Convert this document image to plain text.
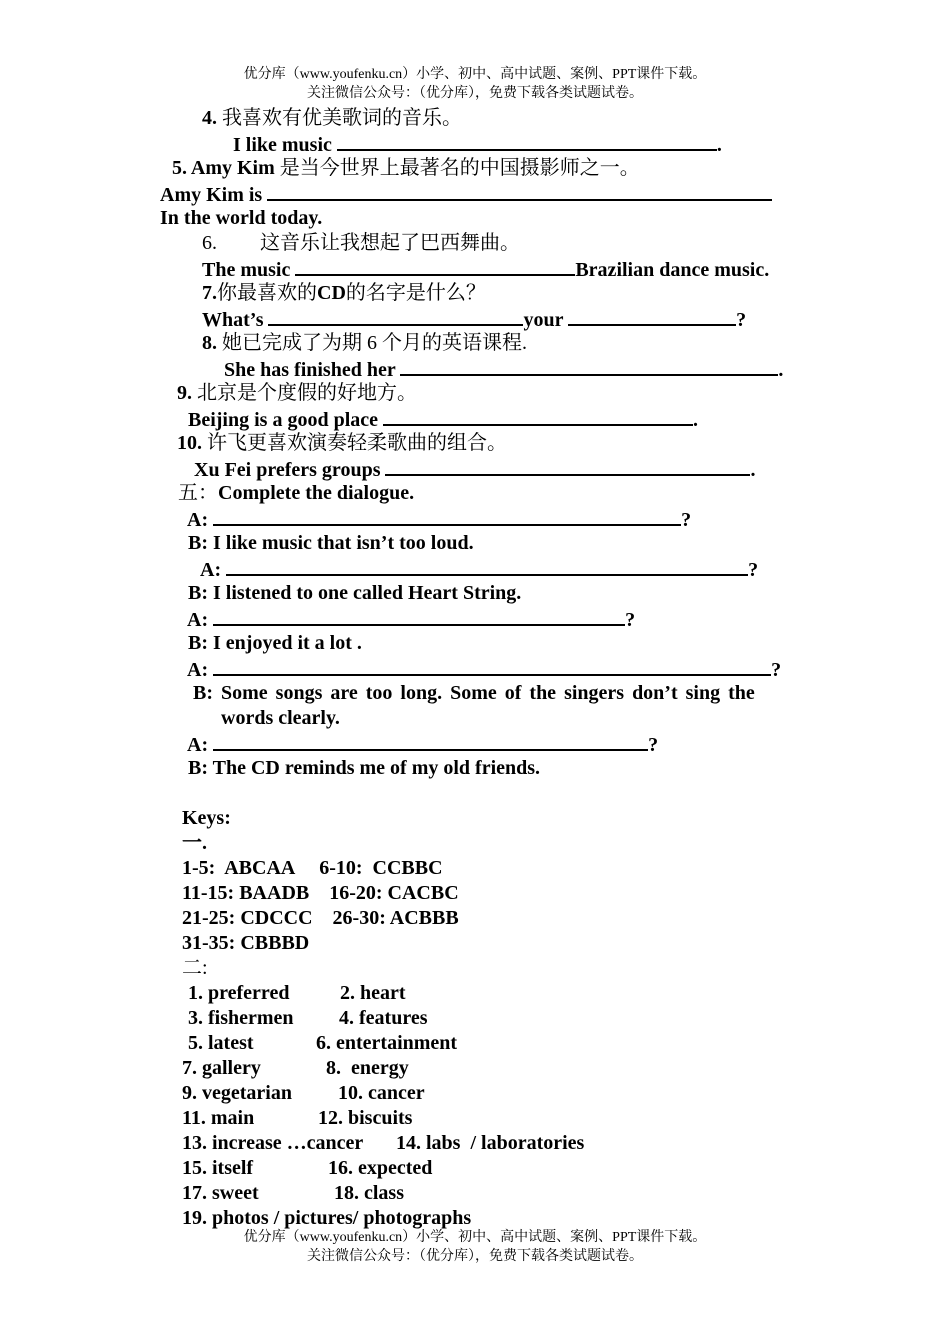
优分库（www.youfenku.cn）小学、初中、高中试题、案例、PPT课件下载。
关注微信公众号：（优分库），免费下载各类试题试卷。
4. 我喜欢有优美歌词的音乐。
I like music	.
5. Amy Kim 是当今世界上最著名的中国摄影师之一。
Amy Kim is
In the world today.
6. 这音乐让我想起了巴西舞曲。
The music	Brazilian dance music.
7.你最喜欢的CD的名字是什么？
What’s	your	?
8. 她已完成了为期 6 个月的英语课程.
She has finished her	.
9. 北京是个度假的好地方。
Beijing is a good place	.
10. 许飞更喜欢演奏轻柔歌曲的组合。
Xu Fei prefers groups	.
五：Complete the dialogue.
A:	?
B: I like music that isn’t too loud.
A:	?
B: I listened to one called Heart String.
A:	?
B: I enjoyed it a lot .
A:	?
B: Some songs are too long. Some of the singers don’t sing the
words clearly.
A:	?
B: The CD reminds me of my old friends.
Keys:
一.
1-5:  ABCAA     6-10:  CCBBC
11-15: BAADB    16-20: CACBC
21-25: CDCCC    26-30: ACBBB
31-35: CBBBD
二:
1. preferred	2. heart
3. fishermen 4. features
5. latest	6. entertainment
7. gallery	8.  energy
9. vegetarian 10. cancer
11. main	12. biscuits
13. increase …cancer 14. labs  / laboratories
15. itself	16. expected
17. sweet	18. class
19. photos / pictures/ photographs
优分库（www.youfenku.cn）小学、初中、高中试题、案例、PPT课件下载。
关注微信公众号：（优分库），免费下载各类试题试卷。
